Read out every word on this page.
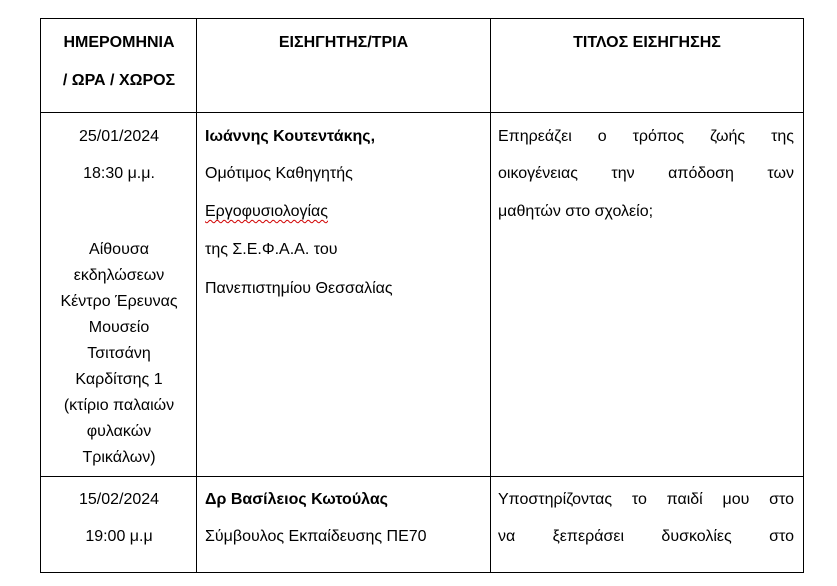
ΗΜΕΡΟΜΗΝΙΑ
/ ΩΡΑ / ΧΩΡΟΣ
ΕΙΣΗΓΗΤΗΣ/ΤΡΙΑ	ΤΙΤΛΟΣ ΕΙΣΗΓΗΣΗΣ
25/01/2024
18:30 μ.μ.
Αίθουσα
εκδηλώσεων
Κέντρο Έρευνας
Μουσείο
Τσιτσάνη
Καρδίτσης 1
(κτίριο παλαιών
φυλακών
Τρικάλων)
Ιωάννης Κουτεντάκης,
Ομότιμος Καθηγητής
Εργοφυσιολογίας
της Σ.Ε.Φ.Α.Α. του
Πανεπιστημίου Θεσσαλίας
Επηρεάζει ο τρόπος ζωής της
οικογένειας την απόδοση των
μαθητών στο σχολείο;
15/02/2024
19:00 μ.μ
Δρ Βασίλειος Κωτούλας
Σύμβουλος Εκπαίδευσης ΠΕ70
Υποστηρίζοντας το παιδί μου στο
να ξεπεράσει δυσκολίες στο
